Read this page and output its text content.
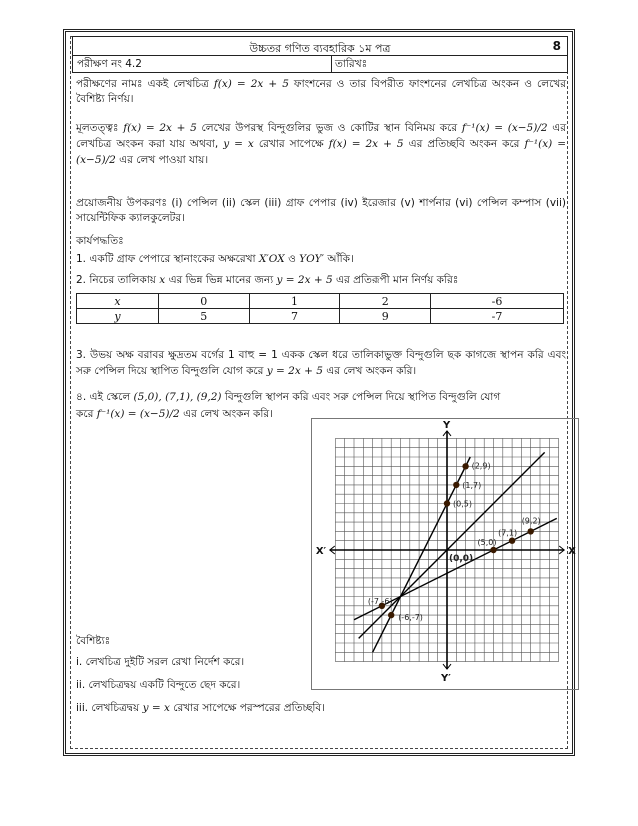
উচ্চতর গণিত ব্যবহারিক ১ম পত্র	8
পরীক্ষণ নং 4.2	তারিখঃ
পরীক্ষণের নামঃ একই লেখচিত্র f(x) = 2x + 5 ফাংশনের ও তার বিপরীত ফাংশনের লেখচিত্র অংকন ও লেখের বৈশিষ্ট্য নির্ণয়।
মূলতত্ত্বঃ f(x) = 2x + 5 লেখের উপরস্থ বিন্দুগুলির ভুজ ও কোটির স্থান বিনিময় করে f⁻¹(x) = (x−5)/2 এর লেখচিত্র অংকন করা যায় অথবা, y = x রেখার সাপেক্ষে f(x) = 2x + 5 এর প্রতিচ্ছবি অংকন করে f⁻¹(x) = (x−5)/2 এর লেখ পাওয়া যায়।
প্রয়োজনীয় উপকরণঃ (i) পেন্সিল (ii) স্কেল (iii) গ্রাফ পেপার (iv) ইরেজার (v) শার্পনার (vi) পেন্সিল কম্পাস (vii) সায়েন্টিফিক ক্যালকুলেটর।
কার্যপদ্ধতিঃ
1. একটি গ্রাফ পেপারে স্থানাংকের অক্ষরেখা X′OX ও YOY′ আঁকি।
2. নিচের তালিকায় x এর ভিন্ন ভিন্ন মানের জন্য y = 2x + 5 এর প্রতিরূপী মান নির্ণয় করিঃ
x	0	1	2	-6
y	5	7	9	-7
3. উভয় অক্ষ বরাবর ক্ষুদ্রতম বর্গের 1 বাহু = 1 একক স্কেল ধরে তালিকাভুক্ত বিন্দুগুলি ছক কাগজে স্থাপন করি এবং সরু পেন্সিল দিয়ে স্থাপিত বিন্দুগুলি যোগ করে y = 2x + 5 এর লেখ অংকন করি।
৪. এই স্কেলে (5,0), (7,1), (9,2) বিন্দুগুলি স্থাপন করি এবং সরু পেন্সিল দিয়ে স্থাপিত বিন্দুগুলি যোগ করে f⁻¹(x) = (x−5)/2 এর লেখ অংকন করি।
(-7,-6)
(-6,-7)
(0,5)
(1,7)
(2,9)
(5,0)
(7,1)
(9,2)
X′	X
Y
Y′
(0,0)
বৈশিষ্ট্যঃ
i. লেখচিত্র দুইটি সরল রেখা নির্দেশ করে।
ii. লেখচিত্রদ্বয় একটি বিন্দুতে ছেদ করে।
iii. লেখচিত্রদ্বয় y = x রেখার সাপেক্ষে পরস্পরের প্রতিচ্ছবি।
